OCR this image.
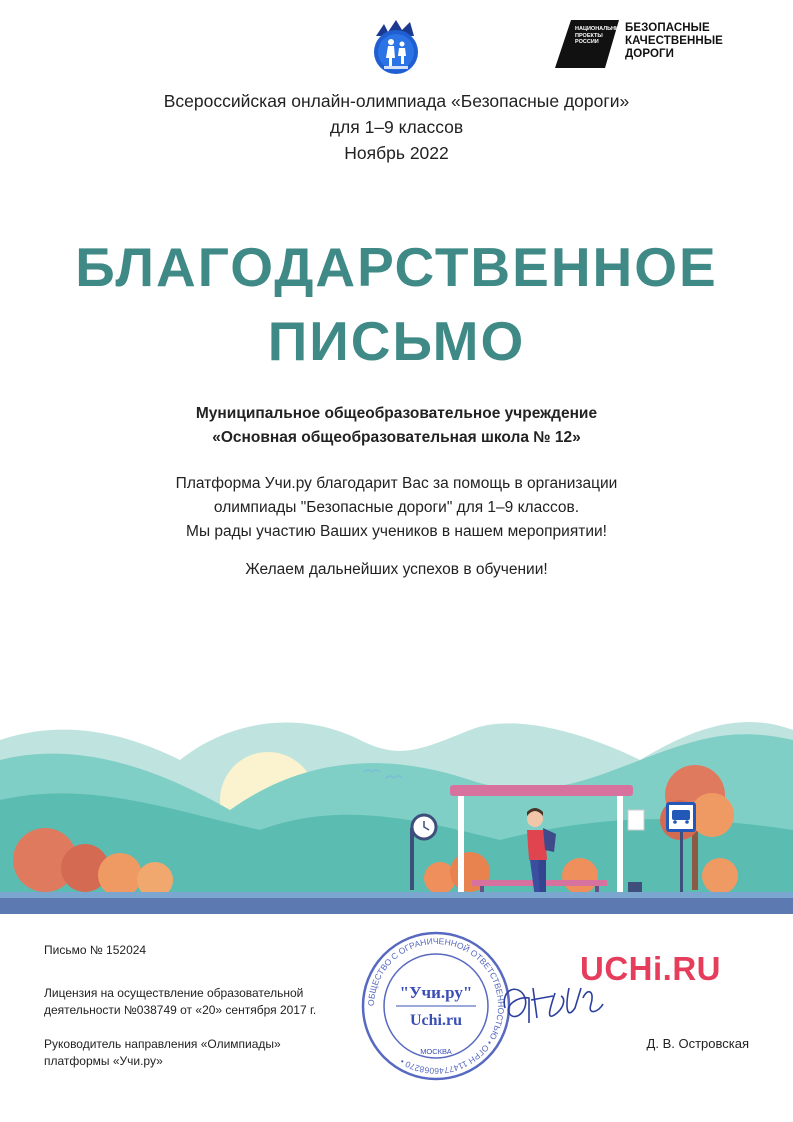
НАЦИОНАЛЬНЫЕ
ПРОЕКТЫ
РОССИИ
БЕЗОПАСНЫЕ
КАЧЕСТВЕННЫЕ ДОРОГИ
Всероссийская онлайн-олимпиада «Безопасные дороги»
для 1–9 классов
Ноябрь 2022
БЛАГОДАРСТВЕННОЕ
ПИСЬМО
Муниципальное общеобразовательное учреждение
«Основная общеобразовательная школа № 12»
Платформа Учи.ру благодарит Вас за помощь в организации
олимпиады "Безопасные дороги" для 1–9 классов.
Мы рады участию Ваших учеников в нашем мероприятии!
Желаем дальнейших успехов в обучении!
Письмо № 152024
Лицензия на осуществление образовательной
деятельности №038749 от «20» сентября 2017 г.
Руководитель направления «Олимпиады»
платформы «Учи.ру»
ОБЩЕСТВО С ОГРАНИЧЕННОЙ ОТВЕТСТВЕННОСТЬЮ • ОГРН 1147746068270 •
"Учи.ру"
Uchi.ru
МОСКВА
UCHi.RU
Д. В. Островская
